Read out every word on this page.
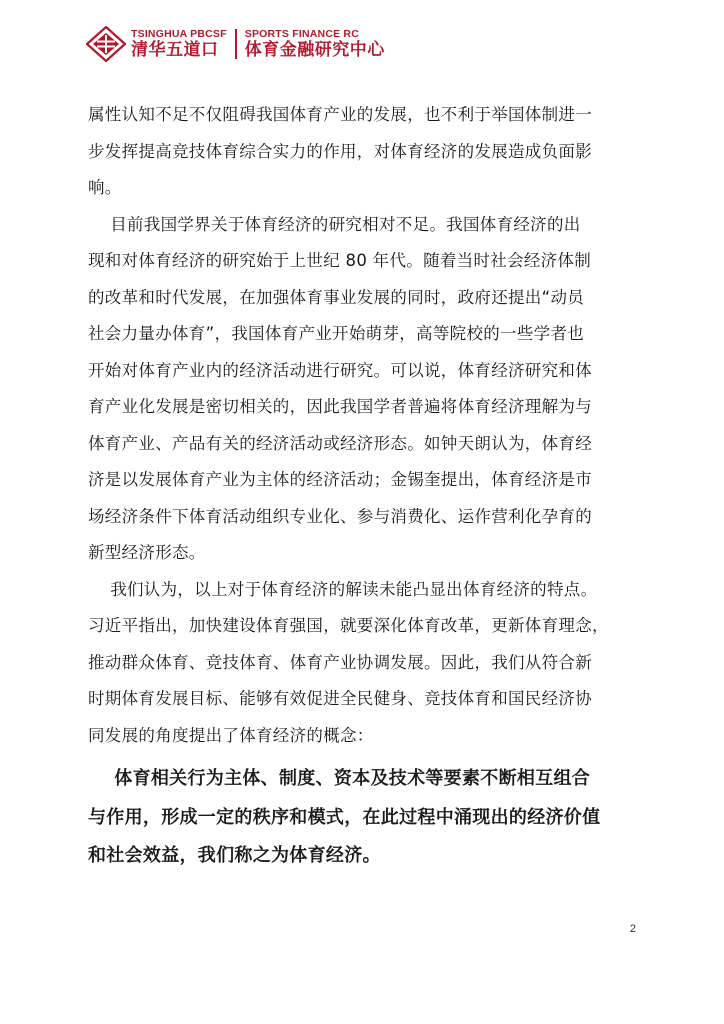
TSINGHUA PBCSF
清华五道口
SPORTS FINANCE RC
体育金融研究中心

属性认知不足不仅阻碍我国体育产业的发展，也不利于举国体制进一
步发挥提高竞技体育综合实力的作用，对体育经济的发展造成负面影
响。

目前我国学界关于体育经济的研究相对不足。我国体育经济的出
现和对体育经济的研究始于上世纪 80 年代。随着当时社会经济体制
的改革和时代发展，在加强体育事业发展的同时，政府还提出“动员
社会力量办体育”，我国体育产业开始萌芽，高等院校的一些学者也
开始对体育产业内的经济活动进行研究。可以说，体育经济研究和体
育产业化发展是密切相关的，因此我国学者普遍将体育经济理解为与
体育产业、产品有关的经济活动或经济形态。如钟天朗认为，体育经
济是以发展体育产业为主体的经济活动；金锡奎提出，体育经济是市
场经济条件下体育活动组织专业化、参与消费化、运作营利化孕育的
新型经济形态。

我们认为，以上对于体育经济的解读未能凸显出体育经济的特点。
习近平指出，加快建设体育强国，就要深化体育改革，更新体育理念，
推动群众体育、竞技体育、体育产业协调发展。因此，我们从符合新
时期体育发展目标、能够有效促进全民健身、竞技体育和国民经济协
同发展的角度提出了体育经济的概念：

体育相关行为主体、制度、资本及技术等要素不断相互组合
与作用，形成一定的秩序和模式，在此过程中涌现出的经济价值
和社会效益，我们称之为体育经济。

2
